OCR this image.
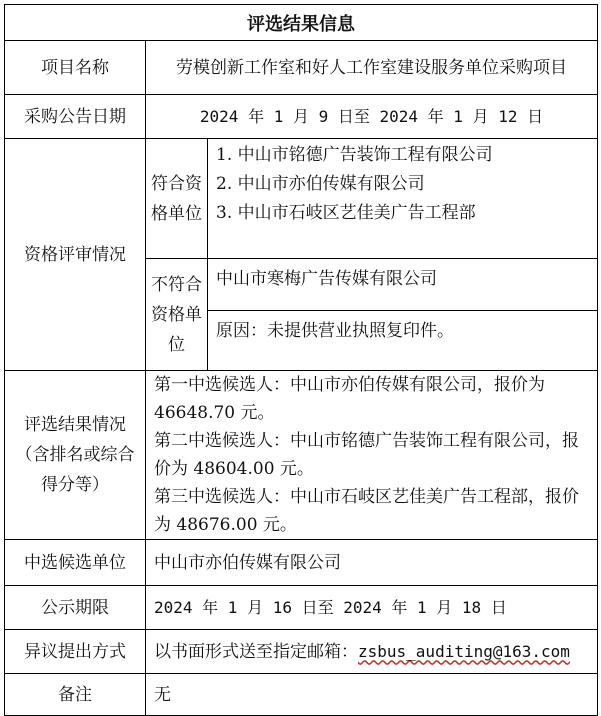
评选结果信息		
项目名称	劳模创新工作室和好人工作室建设服务单位采购项目	
采购公告日期	2024 年 1 月 9 日至 2024 年 1 月 12 日	
资格评审情况	符合资格单位	1. 中山市铭德广告装饰工程有限公司
2. 中山市亦伯传媒有限公司
3. 中山市石岐区艺佳美广告工程部

	不符合资格单位	中山市寒梅广告传媒有限公司
		原因：未提供营业执照复印件。
评选结果情况（含排名或综合得分等）	第一中选候选人：中山市亦伯传媒有限公司，报价为 46648.70 元。
第二中选候选人：中山市铭德广告装饰工程有限公司，报价为 48604.00 元。
第三中选候选人：中山市石岐区艺佳美广告工程部，报价为 48676.00 元。	

中选候选单位	中山市亦伯传媒有限公司	
公示期限	2024 年 1 月 16 日至 2024 年 1 月 18 日	
异议提出方式	以书面形式送至指定邮箱：zsbus_auditing@163.com	
备注	无	
